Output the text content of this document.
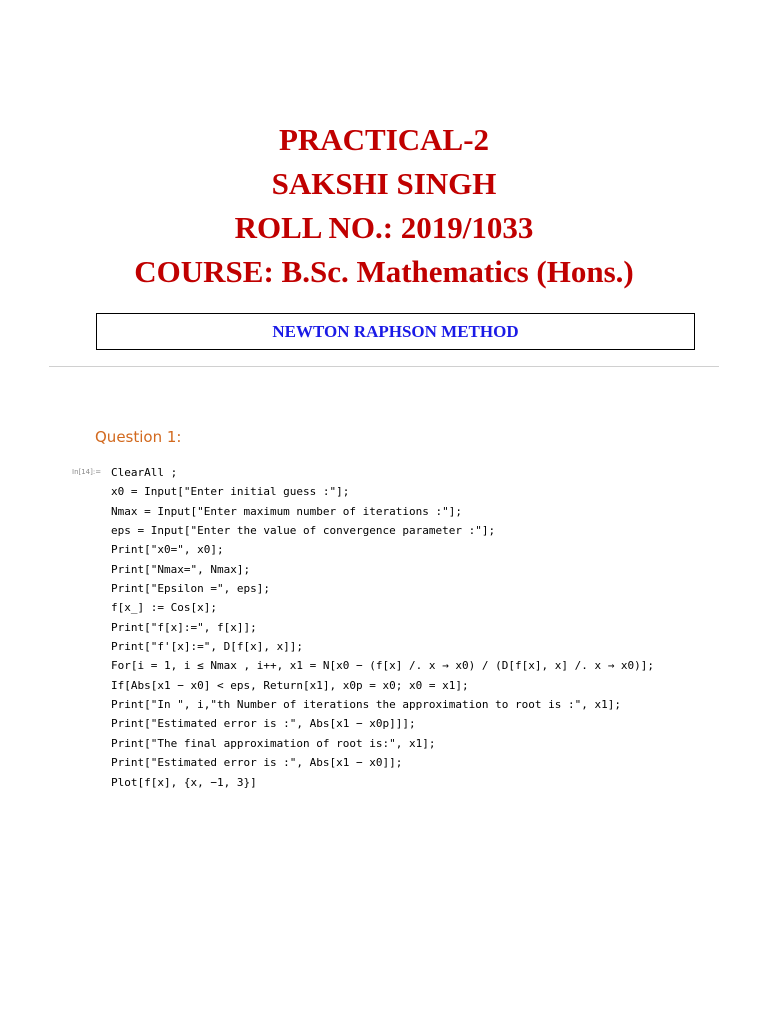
PRACTICAL-2
SAKSHI SINGH
ROLL NO.: 2019/1033
COURSE: B.Sc. Mathematics (Hons.)
NEWTON RAPHSON METHOD
Question 1:
In[14]:= ClearAll ;
x0 = Input["Enter initial guess :"];
Nmax = Input["Enter maximum number of iterations :"];
eps = Input["Enter the value of convergence parameter :"];
Print["x0=", x0];
Print["Nmax=", Nmax];
Print["Epsilon =", eps];
f[x_] := Cos[x];
Print["f[x]:=", f[x]];
Print["f'[x]:=", D[f[x], x]];
For[i = 1, i ≤ Nmax , i++, x1 = N[x0 − (f[x] /. x → x0) / (D[f[x], x] /. x → x0)];
If[Abs[x1 − x0] < eps, Return[x1], x0p = x0; x0 = x1];
Print["In ", i,"th Number of iterations the approximation to root is :", x1];
Print["Estimated error is :", Abs[x1 − x0p]]];
Print["The final approximation of root is:", x1];
Print["Estimated error is :", Abs[x1 − x0]];
Plot[f[x], {x, −1, 3}]
